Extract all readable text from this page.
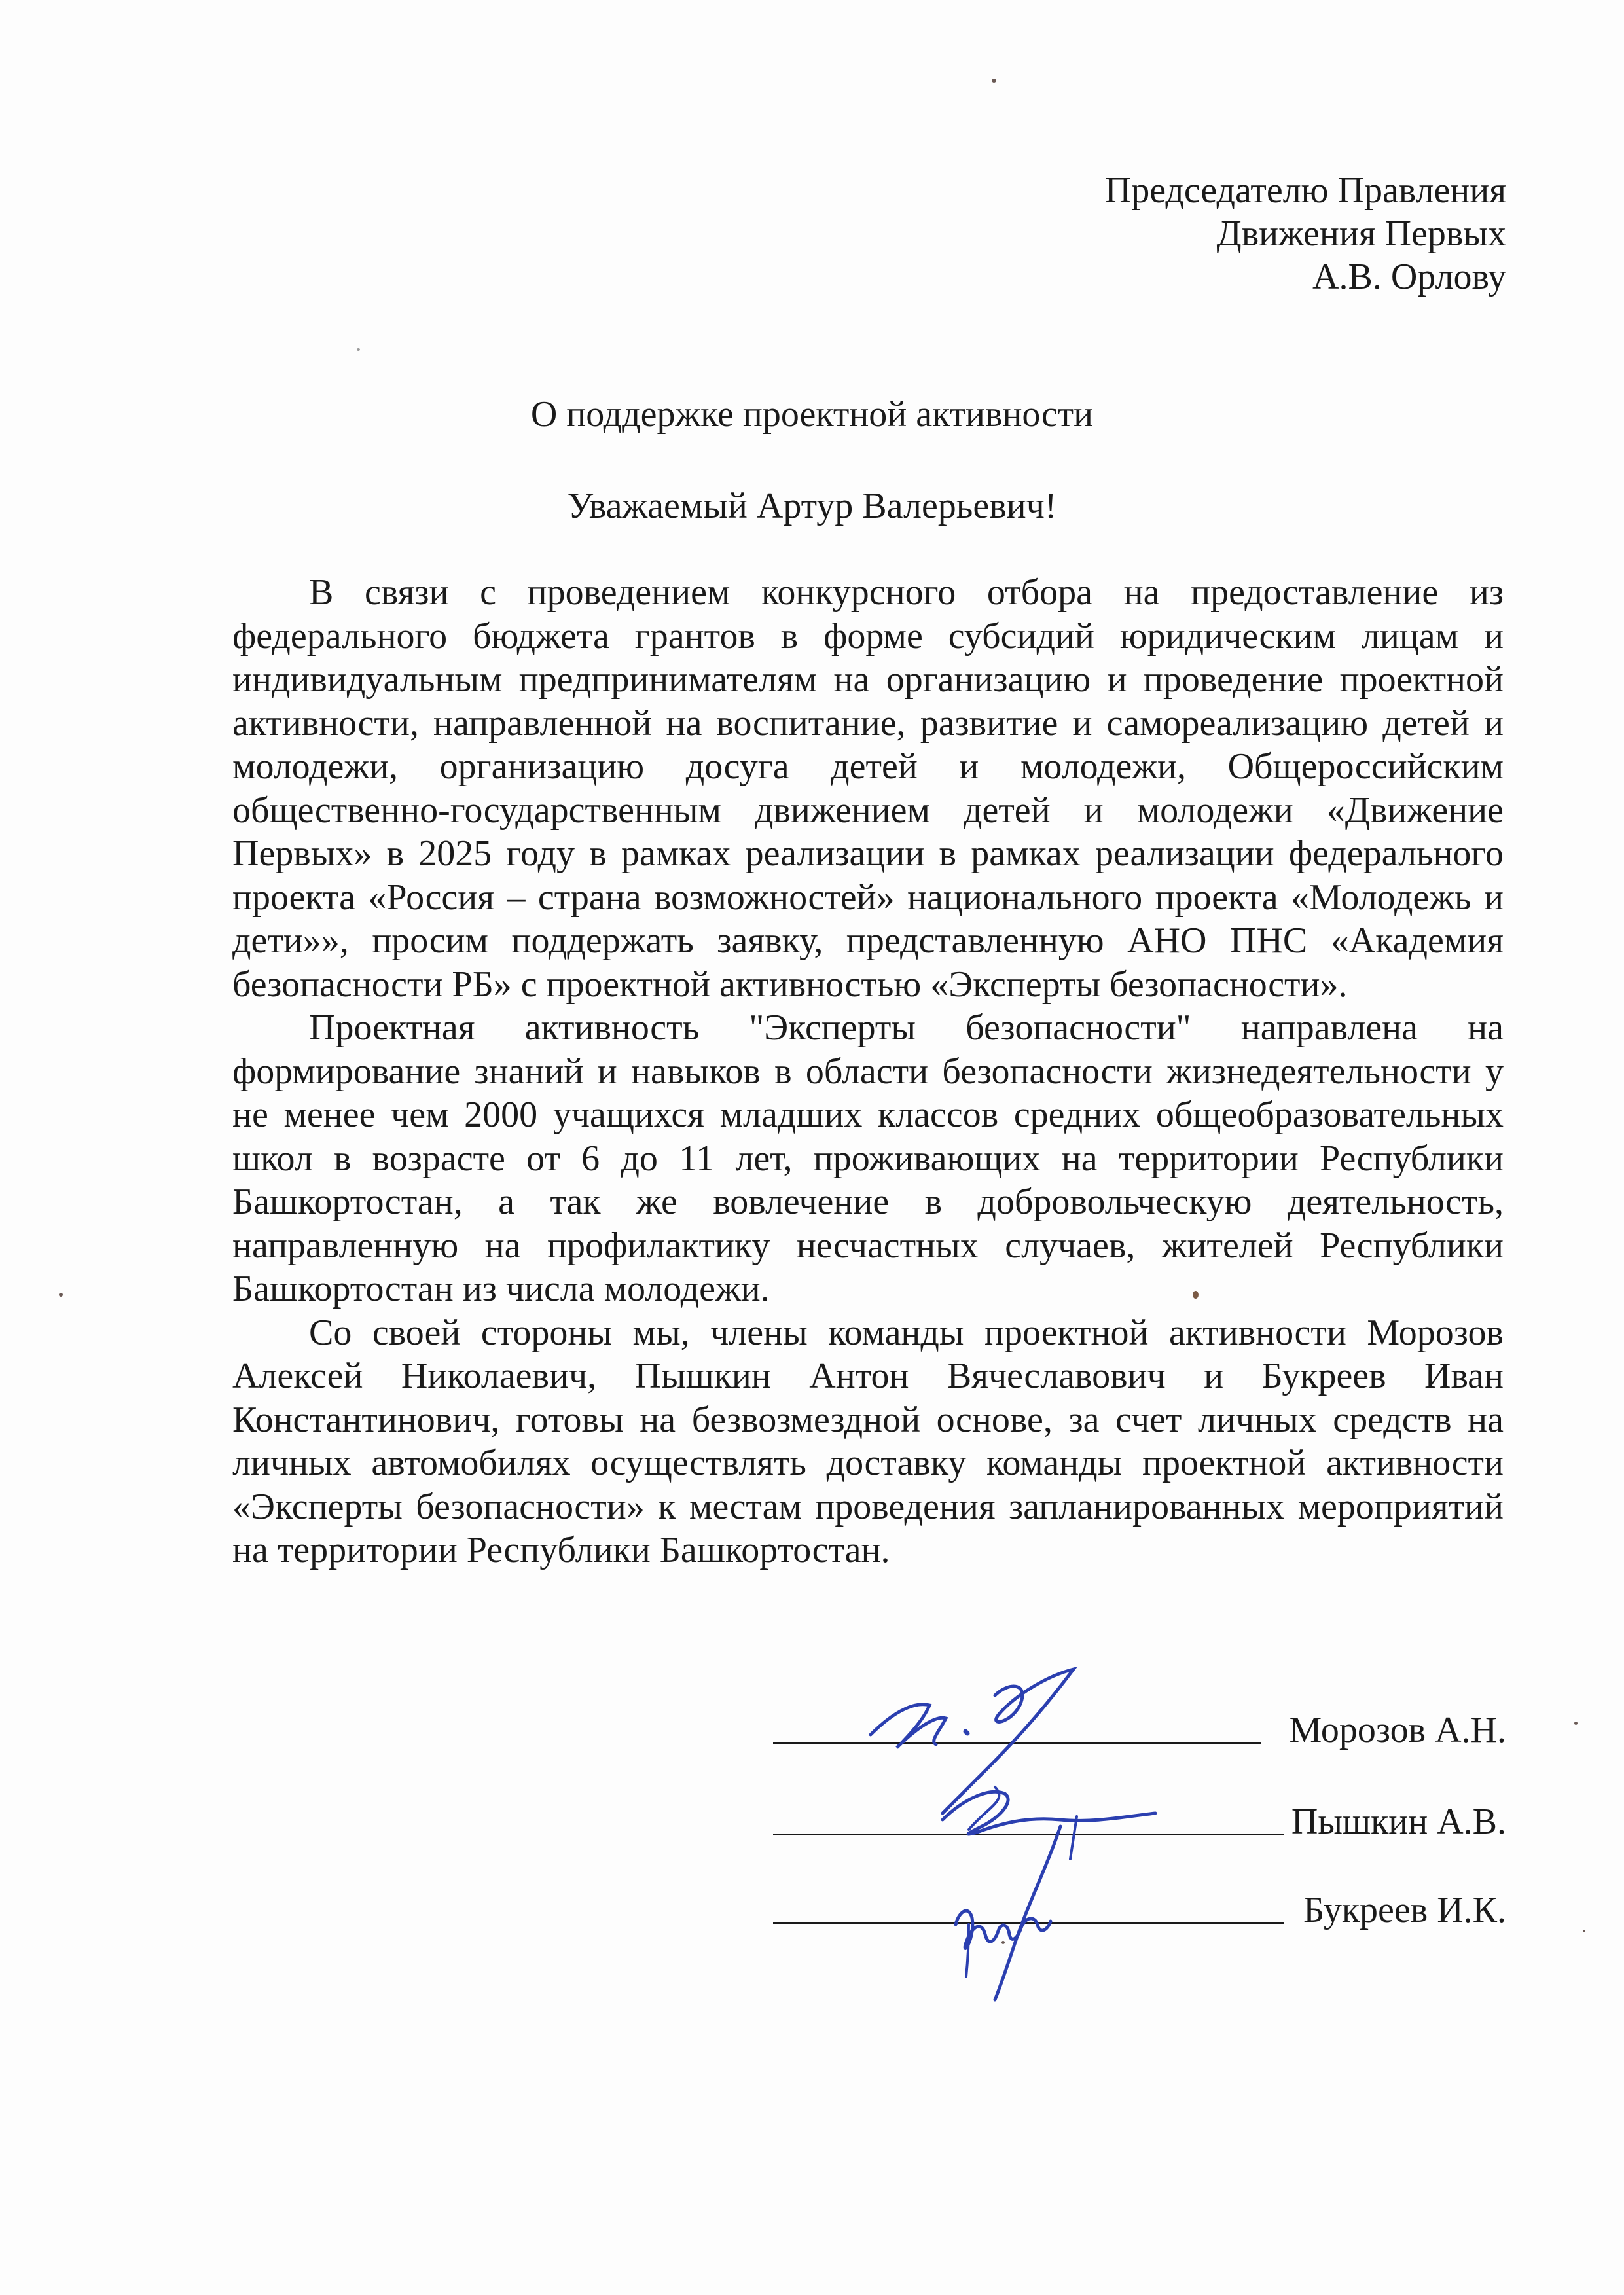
Председателю Правления
Движения Первых
А.В. Орлову
О поддержке проектной активности
Уважаемый Артур Валерьевич!

В связи с проведением конкурсного отбора на предоставление из федерального бюджета грантов в форме субсидий юридическим лицам и индивидуальным предпринимателям на организацию и проведение проектной активности, направленной на воспитание, развитие и самореализацию детей и молодежи, организацию досуга детей и молодежи, Общероссийским общественно-государственным движением детей и молодежи «Движение Первых» в 2025 году в рамках реализации в рамках реализации федерального проекта «Россия – страна возможностей» национального проекта «Молодежь и дети»», просим поддержать заявку, представленную АНО ПНС «Академия безопасности РБ» с проектной активностью «Эксперты безопасности».

Проектная активность "Эксперты безопасности" направлена на формирование знаний и навыков в области безопасности жизнедеятельности у не менее чем 2000 учащихся младших классов средних общеобразовательных школ в возрасте от 6 до 11 лет, проживающих на территории Республики Башкортостан, а так же вовлечение в добровольческую деятельность, направленную на профилактику несчастных случаев, жителей Республики Башкортостан из числа молодежи.

Со своей стороны мы, члены команды проектной активности Морозов Алексей Николаевич, Пышкин Антон Вячеславович и Букреев Иван Константинович, готовы на безвозмездной основе, за счет личных средств на личных автомобилях осуществлять доставку команды проектной активности «Эксперты безопасности» к местам проведения запланированных мероприятий на территории Республики Башкортостан.

Морозов А.Н.
Пышкин А.В.
Букреев И.К.
